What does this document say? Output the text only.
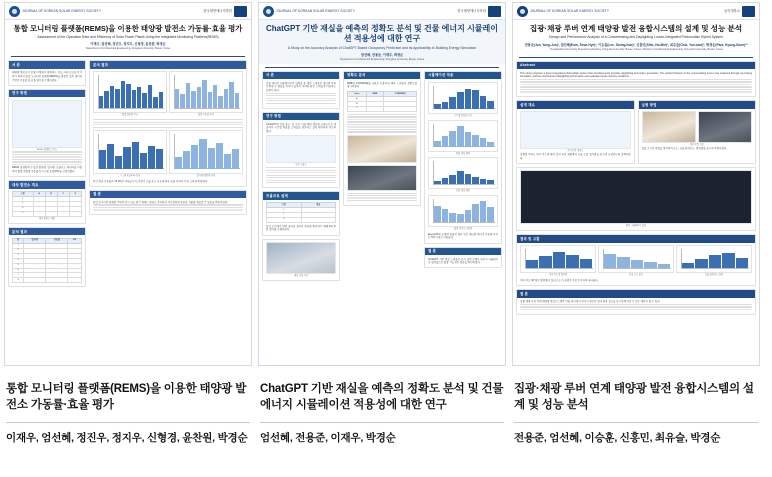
JOURNAL OF KOREAN SOLAR ENERGY SOCIETY	한국태양에너지학회
통합 모니터링 플랫폼(REMS)을 이용한 태양광 발전소 가동률·효율 평가
Assessment of the Operation Rate and Efficiency of Solar Power Plants Using the Integrated Monitoring Platform(REMS)
이재우, 엄선혜, 정진우, 정지우, 신형경, 윤찬원, 박경순
Department of Architectural Engineering, Dong-Eui University, Busan, Korea
서 론
태양광 발전소의 운영 단계에서 발생하는 성능 저하 요인을 분석하기 위하여 통합 모니터링 플랫폼(REMS)을 활용한 실측 데이터 기반의 가동률 및 효율 평가를 수행하였다.
연구 방법
REMS 플랫폼 구성도
REMS 플랫폼에 수집된 발전량, 일사량, 모듈온도 데이터를 이용하여 월별·계절별 가동률과 시스템 효율(PR)을 산정하였다.
대상 발전소 개요
구분	A	B	C	D
1	·	·	·	·
2	·	·	·	·
3	·	·	·	·
4	·	·	·	·
대상 발전소 제원
분석 결과
월	발전량	가동률	PR
1	·	·	·
2	·	·	·
3	·	·	·
4	·	·	·
5	·	·	·
6	·	·	·
7	·	·	·
8	·	·	·
분석 결과
월별 발전량 비교	월별 가동률 추이
시스템 효율(PR) 분포	일사량-발전량 상관
연간 평균 가동률은 15.2%로 나타났으며, 하절기 모듈 온도 상승에 따른 효율 저하가 가장 크게 관측되었다.
결 론
통합 모니터링 플랫폼 기반의 상시 성능 평가 체계는 발전소 유지관리 의사결정에 유효한 지표를 제공할 수 있음을 확인하였다.
JOURNAL OF KOREAN SOLAR ENERGY SOCIETY	한국태양에너지학회
ChatGPT 기반 재실을 예측의 정확도 분석 및 건물 에너지 시뮬레이션 적용성에 대한 연구
A Study on the Accuracy Analysis of ChatGPT-Based Occupancy Prediction and Its Applicability to Building Energy Simulation
엄선혜, 전용준, 이재우, 박경순
Department of Architectural Engineering, Dong-Eui University, Busan, Korea
서 론
건물 에너지 시뮬레이션의 입력값 중 재실 스케줄은 냉난방 부하 산정에 큰 영향을 미치나 실측이 어려워 표준 스케줄에 의존하는 한계가 있다.
연구 방법
ChatGPT에 건물 용도, 실 구성, 사용 패턴 정보를 프롬프트로 제공하여 시간별 재실률 스케줄을 생성하고 실측 데이터와 비교하였다.
연구 흐름도
프롬프트 설계
구분	내용
1	·
2	·
3	·
동일 조건에서 반복 생성한 결과의 편차를 확인하기 위해 3회 반복 질의를 수행하였다.
대상 건물 사진
정확도 분석
MBE와 CV(RMSE)를 지표로 사용하여 예측 스케줄의 정확도를 평가하였다.
Case	MBE	CV(RMSE)
A	·	·
B	·	·
C	·	·
시뮬레이션 적용
시간별 재실률 비교
평일 재실 패턴
주말 재실 패턴
월별 에너지 사용량
EnergyPlus 모델에 적용한 결과 연간 냉난방 에너지 사용량 차이는 5% 이내로 나타났다.
결 론
ChatGPT 기반 재실 스케줄은 초기 설계 단계의 에너지 시뮬레이션 입력값으로 활용 가능성이 있음을 확인하였다.
JOURNAL OF KOREAN SOLAR ENERGY SOCIETY	동의대학교
집광·채광 루버 연계 태양광 발전 융합시스템의 설계 및 성능 분석
Design and Performance Analysis of a Concentrating and Daylighting Louver-Integrated Photovoltaic Hybrid System
전용준(Jun, Yong-Jun)¹, 엄선혜(Eom, Seon-Hye)¹, 이승훈(Lee, Seung-hun)², 신홍민(Shin, Ho-Min)³, 최유슬(Choi, You-seul)³, 박경순(Park, Kyung-Soon)¹*
¹ Sustainable Community Research Laboratory, Dong-Eui University, Busan, Korea ² Division of Architectural Engineering, Dong-Eui University, Busan, Korea
Abstract
This study proposes a louver-integrated photovoltaic system that simultaneously provides daylighting and power generation. The optical behavior of the concentrating louver was analyzed through ray-tracing simulation, and the electrical and daylighting performance was evaluated under real sky conditions.
설계 개요
루버 단면 개념도
집광형 루버는 반사 각도에 따라 실내 유입 채광량과 모듈 도달 일사량을 동시에 조절하도록 설계되었다.
실험 방법
실험 목업 사진
실물 크기의 목업을 제작하여 조도, 모듈 표면온도, 발전량을 동시에 측정하였다.
광학 시뮬레이션 결과
결과 및 고찰
루버 각도별 발전량	실내 조도 분포	모듈 표면온도 변화
루버 각도 30°에서 발전량과 실내 조도의 균형이 가장 우수하게 나타났다.
결 론
집광·채광 루버 연계 태양광 융합시스템은 건물 외피에서 에너지 생산과 실내 환경 성능을 동시에 확보할 수 있는 대안이 될 수 있다.
통합 모니터링 플랫폼(REMS)을 이용한 태양광 발전소 가동률·효율 평가
이재우, 엄선혜, 정진우, 정지우, 신형경, 윤찬원, 박경순
ChatGPT 기반 재실을 예측의 정확도 분석 및 건물 에너지 시뮬레이션 적용성에 대한 연구
엄선혜, 전용준, 이재우, 박경순
집광·채광 루버 연계 태양광 발전 융합시스템의 설계 및 성능 분석
전용준, 엄선혜, 이승훈, 신홍민, 최유슬, 박경순
